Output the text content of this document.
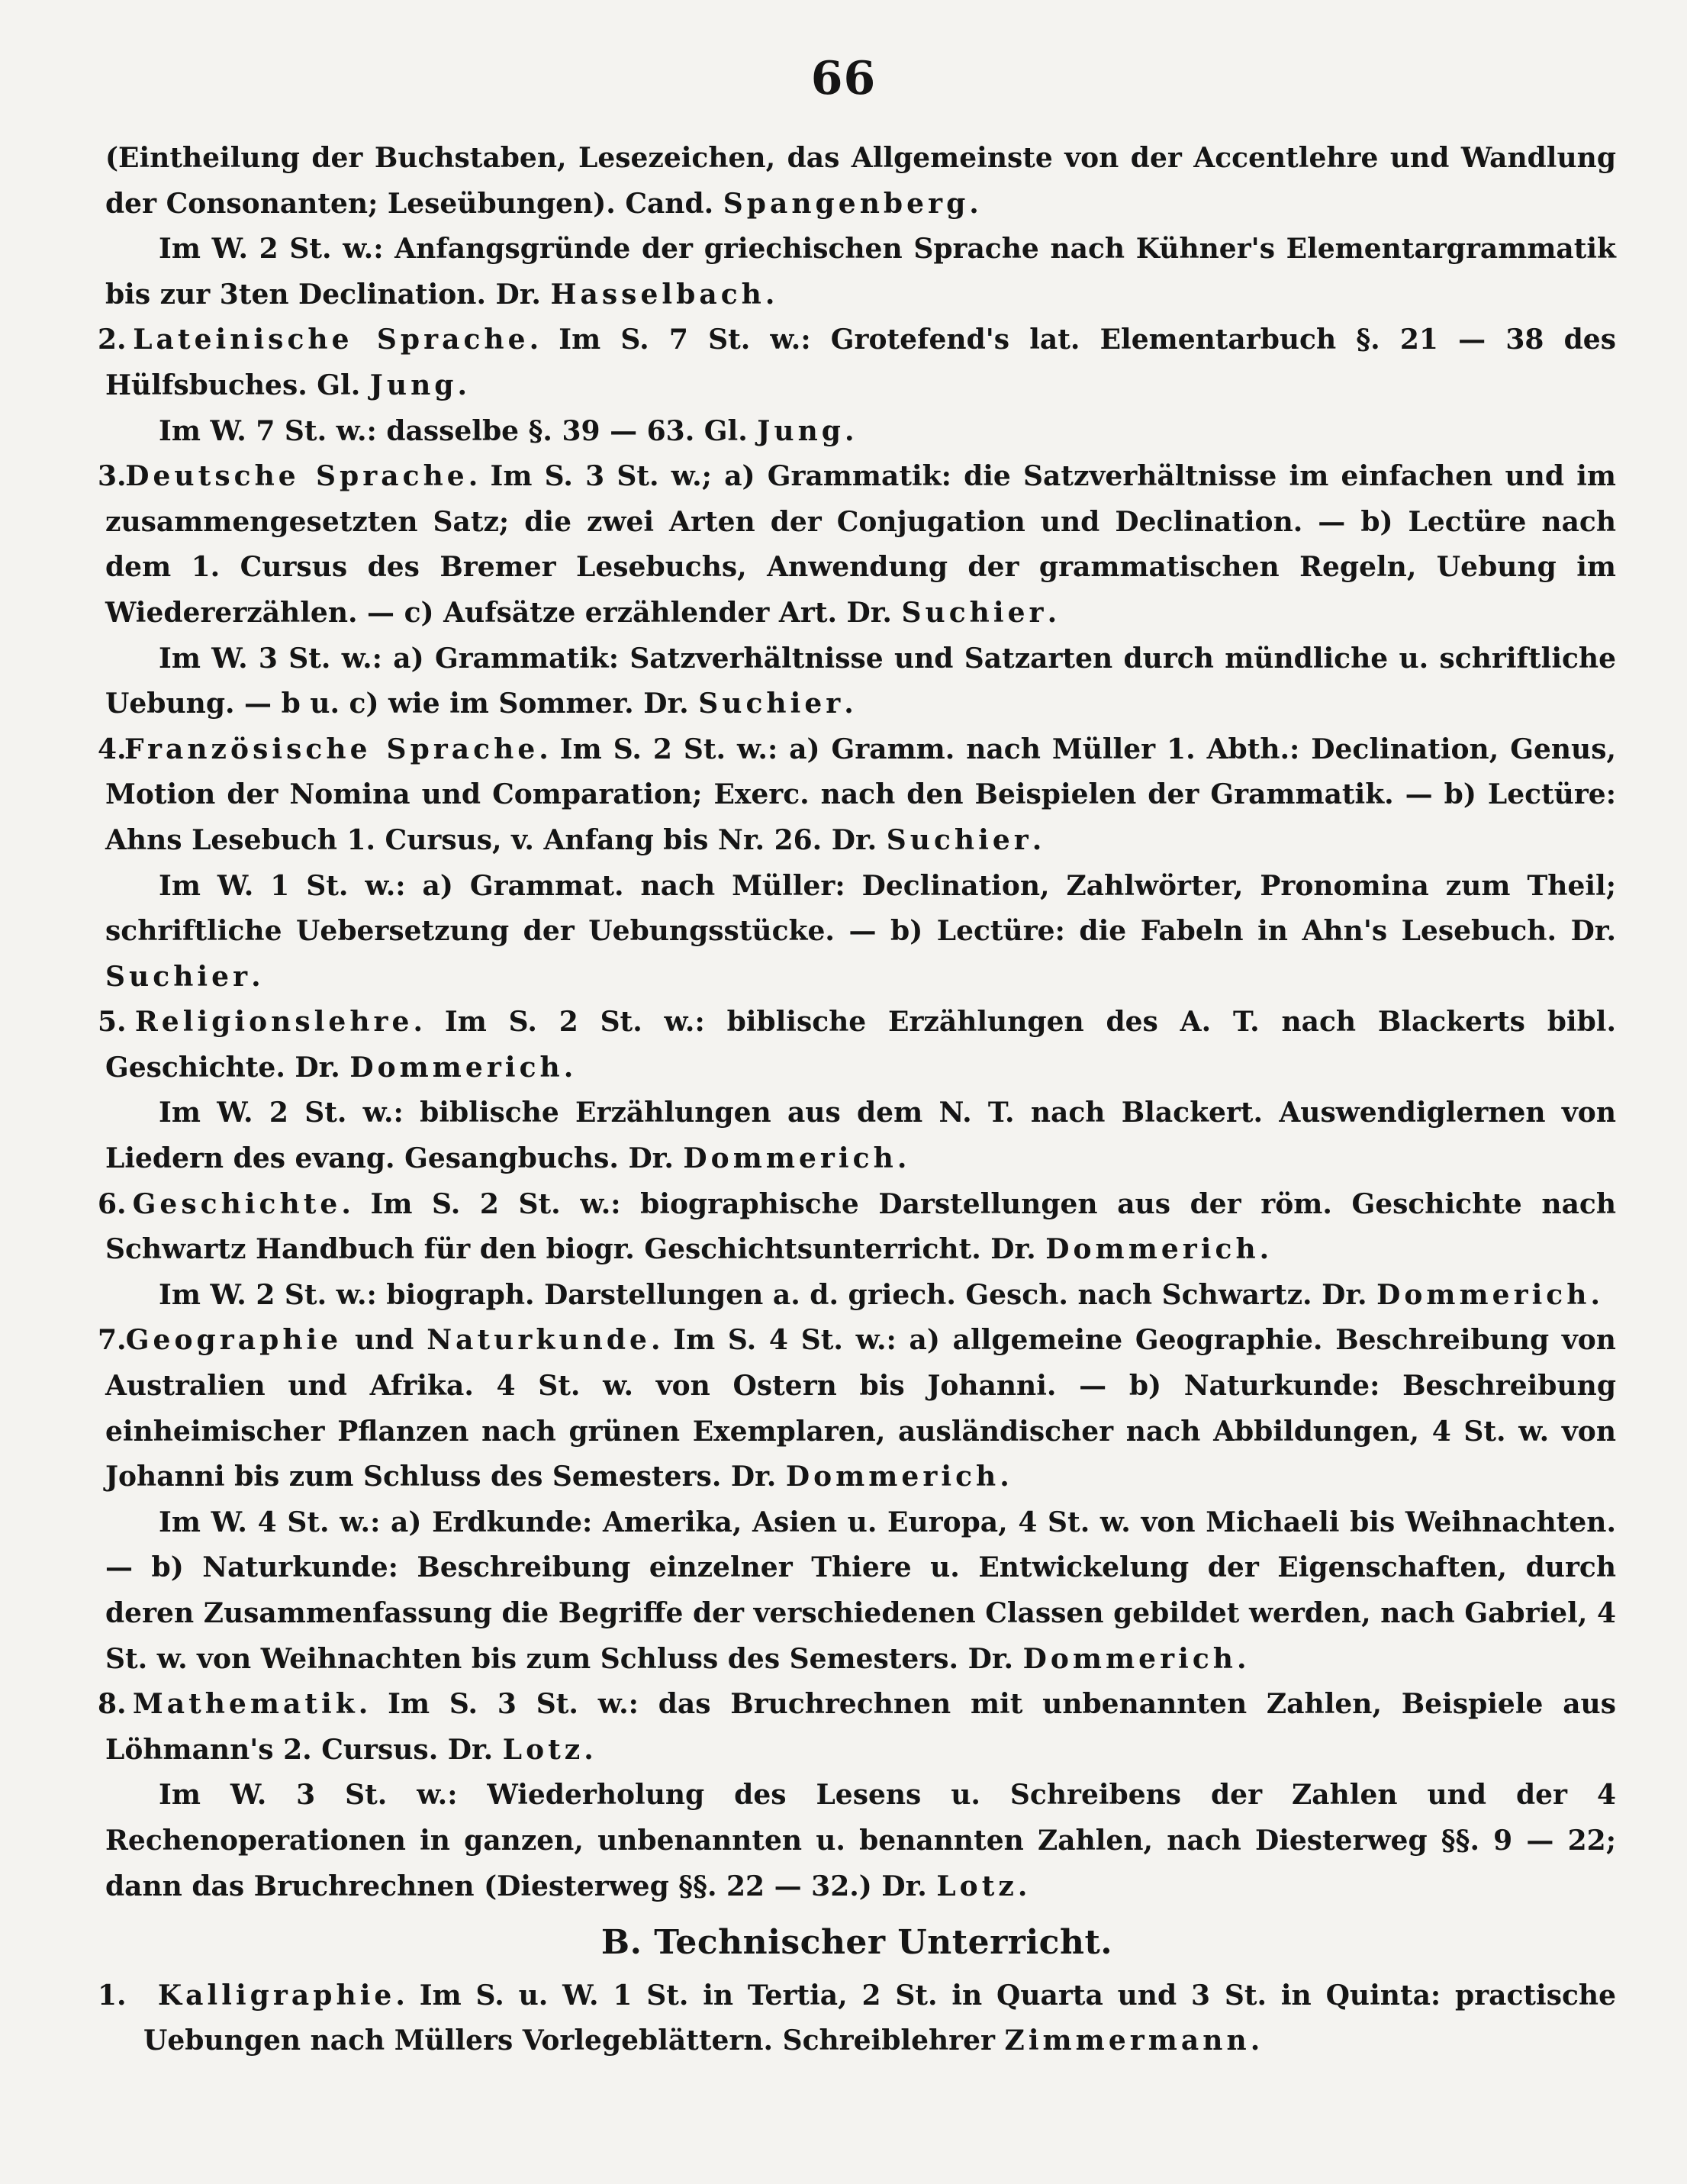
66

(Eintheilung der Buchstaben, Lesezeichen, das Allgemeinste von der Accentlehre und Wandlung der Consonanten; Leseübungen). Cand. Spangenberg.

Im W. 2 St. w.: Anfangsgründe der griechischen Sprache nach Kühner's Elementargrammatik bis zur 3ten Declination. Dr. Hasselbach.

2. Lateinische Sprache. Im S. 7 St. w.: Grotefend's lat. Elementarbuch §. 21 — 38 des Hülfsbuches. Gl. Jung.

Im W. 7 St. w.: dasselbe §. 39 — 63. Gl. Jung.

3. Deutsche Sprache. Im S. 3 St. w.; a) Grammatik: die Satzverhältnisse im einfachen und im zusammengesetzten Satz; die zwei Arten der Conjugation und Declination. — b) Lectüre nach dem 1. Cursus des Bremer Lesebuchs, Anwendung der grammatischen Regeln, Uebung im Wiedererzählen. — c) Aufsätze erzählender Art. Dr. Suchier.

Im W. 3 St. w.: a) Grammatik: Satzverhältnisse und Satzarten durch mündliche u. schriftliche Uebung. — b u. c) wie im Sommer. Dr. Suchier.

4. Französische Sprache. Im S. 2 St. w.: a) Gramm. nach Müller 1. Abth.: Declination, Genus, Motion der Nomina und Comparation; Exerc. nach den Beispielen der Grammatik. — b) Lectüre: Ahns Lesebuch 1. Cursus, v. Anfang bis Nr. 26. Dr. Suchier.

Im W. 1 St. w.: a) Grammat. nach Müller: Declination, Zahlwörter, Pronomina zum Theil; schriftliche Uebersetzung der Uebungsstücke. — b) Lectüre: die Fabeln in Ahn's Lesebuch. Dr. Suchier.

5. Religionslehre. Im S. 2 St. w.: biblische Erzählungen des A. T. nach Blackerts bibl. Geschichte. Dr. Dommerich.

Im W. 2 St. w.: biblische Erzählungen aus dem N. T. nach Blackert. Auswendiglernen von Liedern des evang. Gesangbuchs. Dr. Dommerich.

6. Geschichte. Im S. 2 St. w.: biographische Darstellungen aus der röm. Geschichte nach Schwartz Handbuch für den biogr. Geschichtsunterricht. Dr. Dommerich.

Im W. 2 St. w.: biograph. Darstellungen a. d. griech. Gesch. nach Schwartz. Dr. Dommerich.

7. Geographie und Naturkunde. Im S. 4 St. w.: a) allgemeine Geographie. Beschreibung von Australien und Afrika. 4 St. w. von Ostern bis Johanni. — b) Naturkunde: Beschreibung einheimischer Pflanzen nach grünen Exemplaren, ausländischer nach Abbildungen, 4 St. w. von Johanni bis zum Schluss des Semesters. Dr. Dommerich.

Im W. 4 St. w.: a) Erdkunde: Amerika, Asien u. Europa, 4 St. w. von Michaeli bis Weihnachten. — b) Naturkunde: Beschreibung einzelner Thiere u. Entwickelung der Eigenschaften, durch deren Zusammenfassung die Begriffe der verschiedenen Classen gebildet werden, nach Gabriel, 4 St. w. von Weihnachten bis zum Schluss des Semesters. Dr. Dommerich.

8. Mathematik. Im S. 3 St. w.: das Bruchrechnen mit unbenannten Zahlen, Beispiele aus Löhmann's 2. Cursus. Dr. Lotz.

Im W. 3 St. w.: Wiederholung des Lesens u. Schreibens der Zahlen und der 4 Rechenoperationen in ganzen, unbenannten u. benannten Zahlen, nach Diesterweg §§. 9 — 22; dann das Bruchrechnen (Diesterweg §§. 22 — 32.) Dr. Lotz.

B. Technischer Unterricht.

1. Kalligraphie. Im S. u. W. 1 St. in Tertia, 2 St. in Quarta und 3 St. in Quinta: practische Uebungen nach Müllers Vorlegeblättern. Schreiblehrer Zimmermann.
